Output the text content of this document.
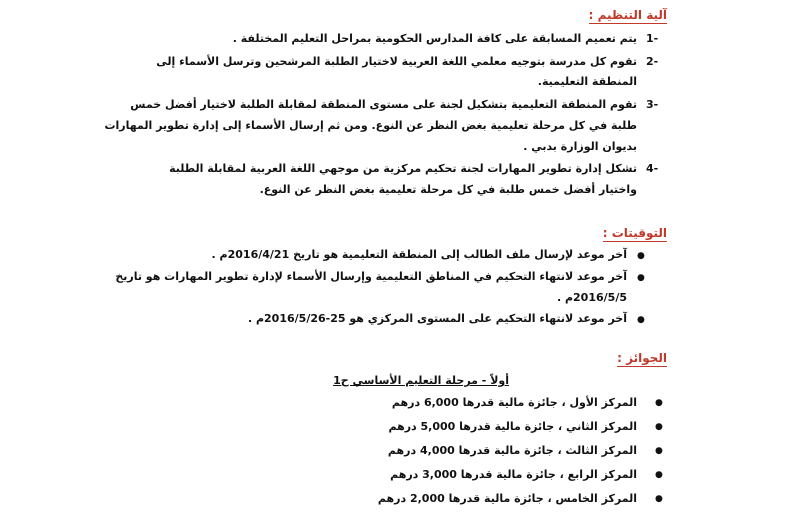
آلية التنظيم :
1-
يتم تعميم المسابقة على كافة المدارس الحكومية بمراحل التعليم المختلفة .
2-
تقوم كل مدرسة بتوجيه معلمي اللغة العربية لاختيار الطلبة المرشحين وترسل الأسماء إلى
المنطقة التعليمية.
3-
تقوم المنطقة التعليمية بتشكيل لجنة على مستوى المنطقة لمقابلة الطلبة لاختيار أفضل خمس
طلبة في كل مرحلة تعليمية بغض النظر عن النوع. ومن ثم إرسال الأسماء إلى إدارة تطوير المهارات
بديوان الوزارة بدبي .
4-
تشكل إدارة تطوير المهارات لجنة تحكيم مركزية من موجهي اللغة العربية لمقابلة الطلبة
واختيار أفضل خمس طلبة في كل مرحلة تعليمية بغض النظر عن النوع.
التوقيتات :
●
آخر موعد لإرسال ملف الطالب إلى المنطقة التعليمية هو تاريخ 2016/4/21م .
●
آخر موعد لانتهاء التحكيم في المناطق التعليمية وإرسال الأسماء لإدارة تطوير المهارات هو تاريخ
2016/5/5م .
●
آخر موعد لانتهاء التحكيم على المستوى المركزي هو 25-2016/5/26م .
الجوائز :
أولاً - مرحلة التعليم الأساسي ح1
●
المركز الأول ، جائزة مالية قدرها 6,000 درهم
●
المركز الثاني ، جائزة مالية قدرها 5,000 درهم
●
المركز الثالث ، جائزة مالية قدرها 4,000 درهم
●
المركز الرابع ، جائزة مالية قدرها 3,000 درهم
●
المركز الخامس ، جائزة مالية قدرها 2,000 درهم
